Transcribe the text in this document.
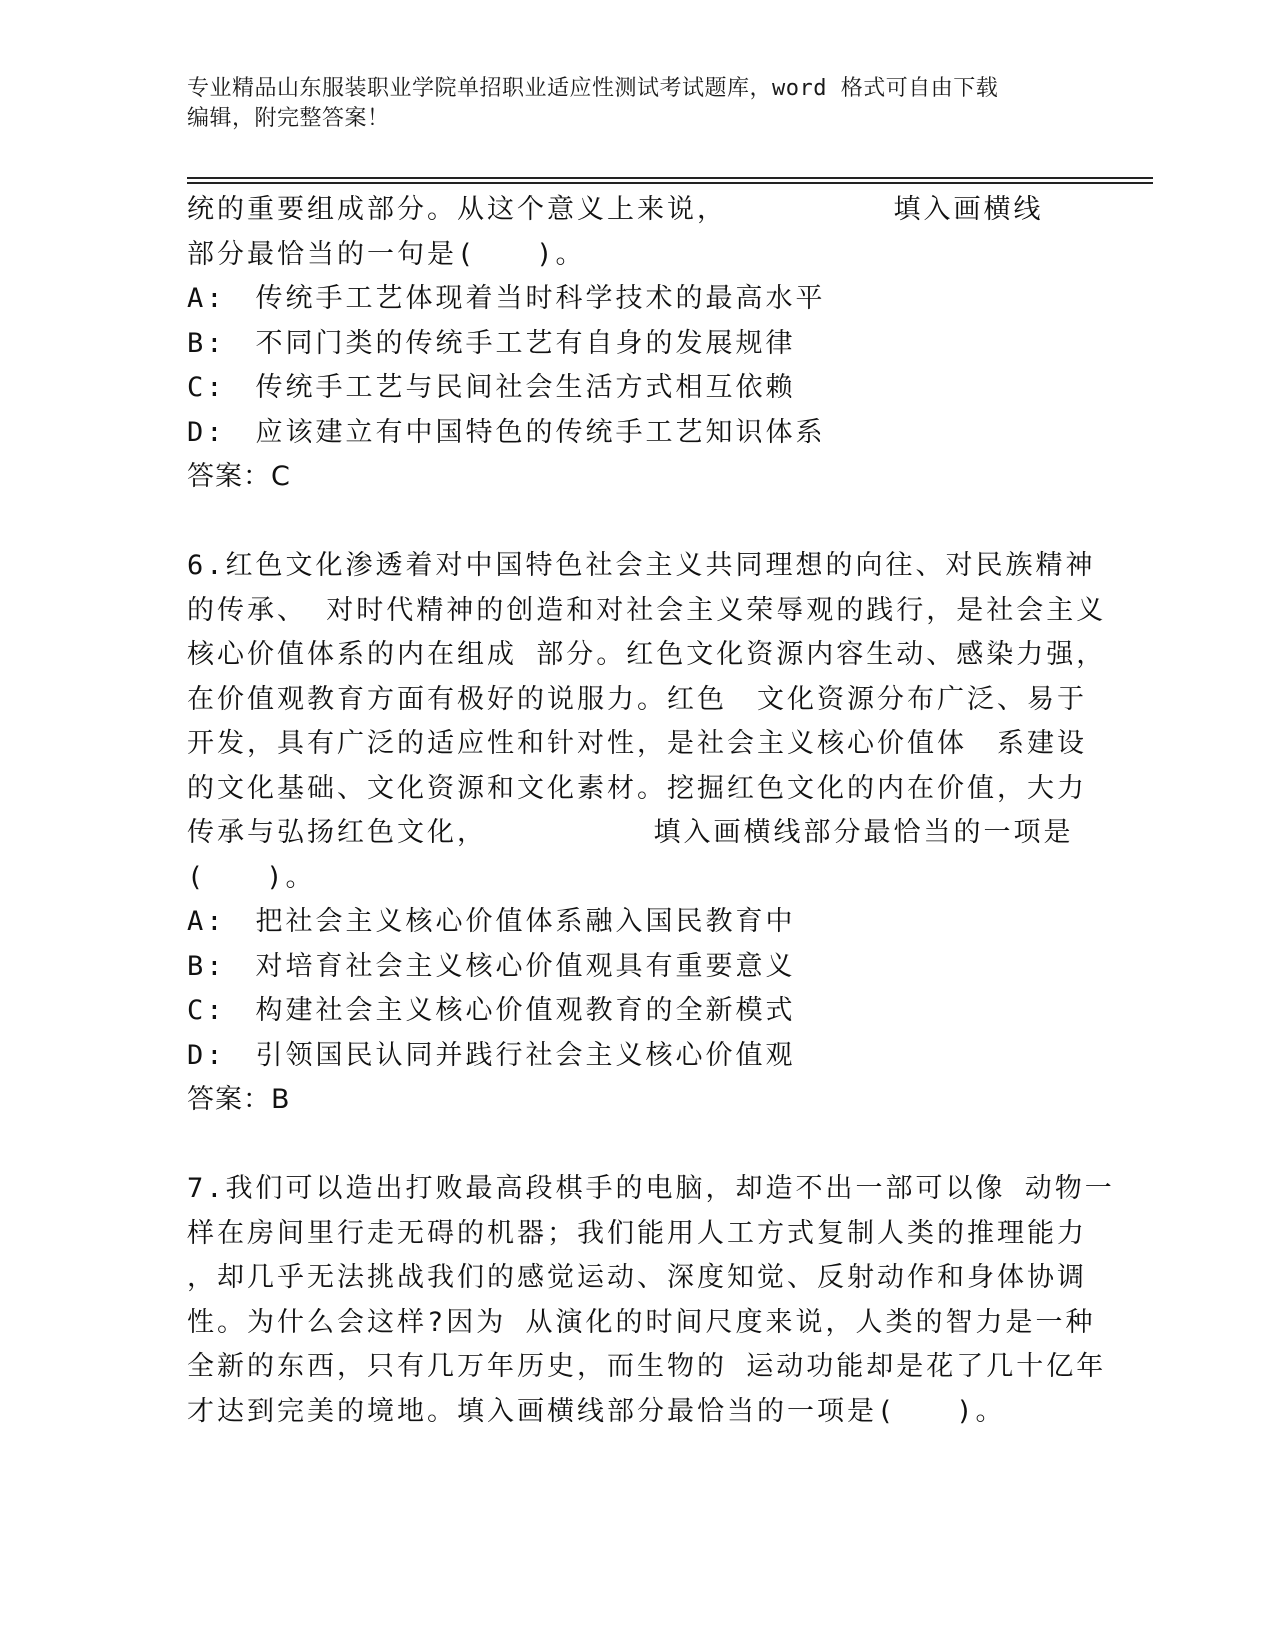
专业精品山东服装职业学院单招职业适应性测试考试题库，word 格式可自由下载
编辑，附完整答案！
统的重要组成部分。从这个意义上来说，　　　　　　填入画横线
部分最恰当的一句是(　　)。
A:　传统手工艺体现着当时科学技术的最高水平
B:　不同门类的传统手工艺有自身的发展规律
C:　传统手工艺与民间社会生活方式相互依赖
D:　应该建立有中国特色的传统手工艺知识体系
答案：C
6.红色文化渗透着对中国特色社会主义共同理想的向往、对民族精神
的传承、 对时代精神的创造和对社会主义荣辱观的践行，是社会主义
核心价值体系的内在组成 部分。红色文化资源内容生动、感染力强，
在价值观教育方面有极好的说服力。红色　文化资源分布广泛、易于
开发，具有广泛的适应性和针对性，是社会主义核心价值体　系建设
的文化基础、文化资源和文化素材。挖掘红色文化的内在价值，大力
传承与弘扬红色文化，　　　　　　填入画横线部分最恰当的一项是
(　　)。
A:　把社会主义核心价值体系融入国民教育中
B:　对培育社会主义核心价值观具有重要意义
C:　构建社会主义核心价值观教育的全新模式
D:　引领国民认同并践行社会主义核心价值观
答案：B
7.我们可以造出打败最高段棋手的电脑，却造不出一部可以像 动物一
样在房间里行走无碍的机器；我们能用人工方式复制人类的推理能力
，却几乎无法挑战我们的感觉运动、深度知觉、反射动作和身体协调
性。为什么会这样?因为 从演化的时间尺度来说，人类的智力是一种
全新的东西，只有几万年历史，而生物的 运动功能却是花了几十亿年
才达到完美的境地。填入画横线部分最恰当的一项是(　　)。
